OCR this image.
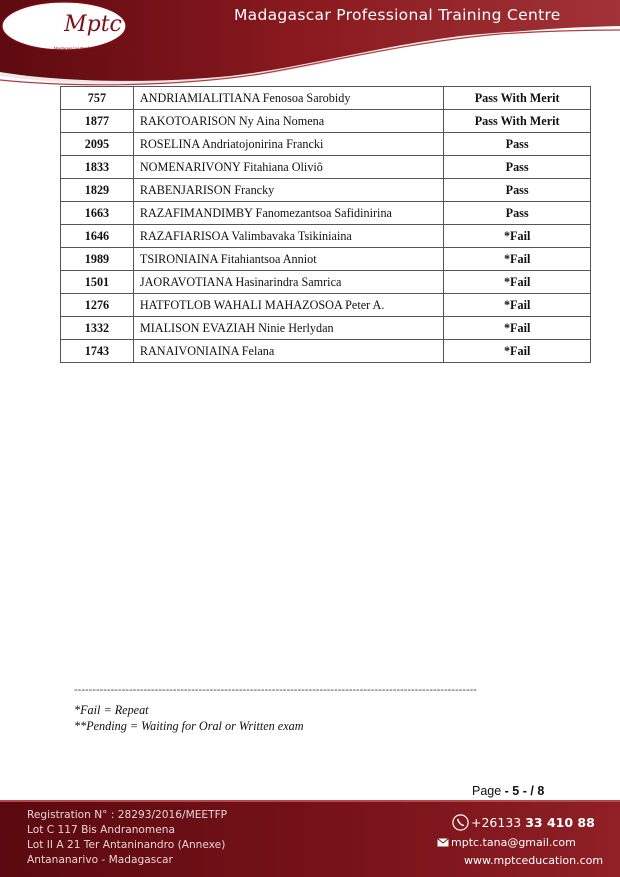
Madagascar Professional Training Centre
Mptc
Madagascar Professional Training Centre
757	ANDRIAMIALITIANA Fenosoa Sarobidy	Pass With Merit
1877	RAKOTOARISON Ny Aina Nomena	Pass With Merit
2095	ROSELINA Andriatojonirina Francki	Pass
1833	NOMENARIVONY Fitahiana Oliviô	Pass
1829	RABENJARISON Francky	Pass
1663	RAZAFIMANDIMBY Fanomezantsoa Safidinirina	Pass
1646	RAZAFIARISOA Valimbavaka Tsikiniaina	*Fail
1989	TSIRONIAINA Fitahiantsoa Anniot	*Fail
1501	JAORAVOTIANA Hasinarindra Samrica	*Fail
1276	HATFOTLOB WAHALI MAHAZOSOA Peter A.	*Fail
1332	MIALISON EVAZIAH Ninie Herlydan	*Fail
1743	RANAIVONIAINA Felana	*Fail
--------------------------------------------------------------------------------------------------------------
*Fail = Repeat
**Pending = Waiting for Oral or Written exam
Page - 5 - / 8
Registration N° : 28293/2016/MEETFP
Lot C 117 Bis Andranomena
Lot II A 21 Ter Antaninandro (Annexe)
Antananarivo - Madagascar
+26133 33 410 88
mptc.tana@gmail.com
www.mptceducation.com
